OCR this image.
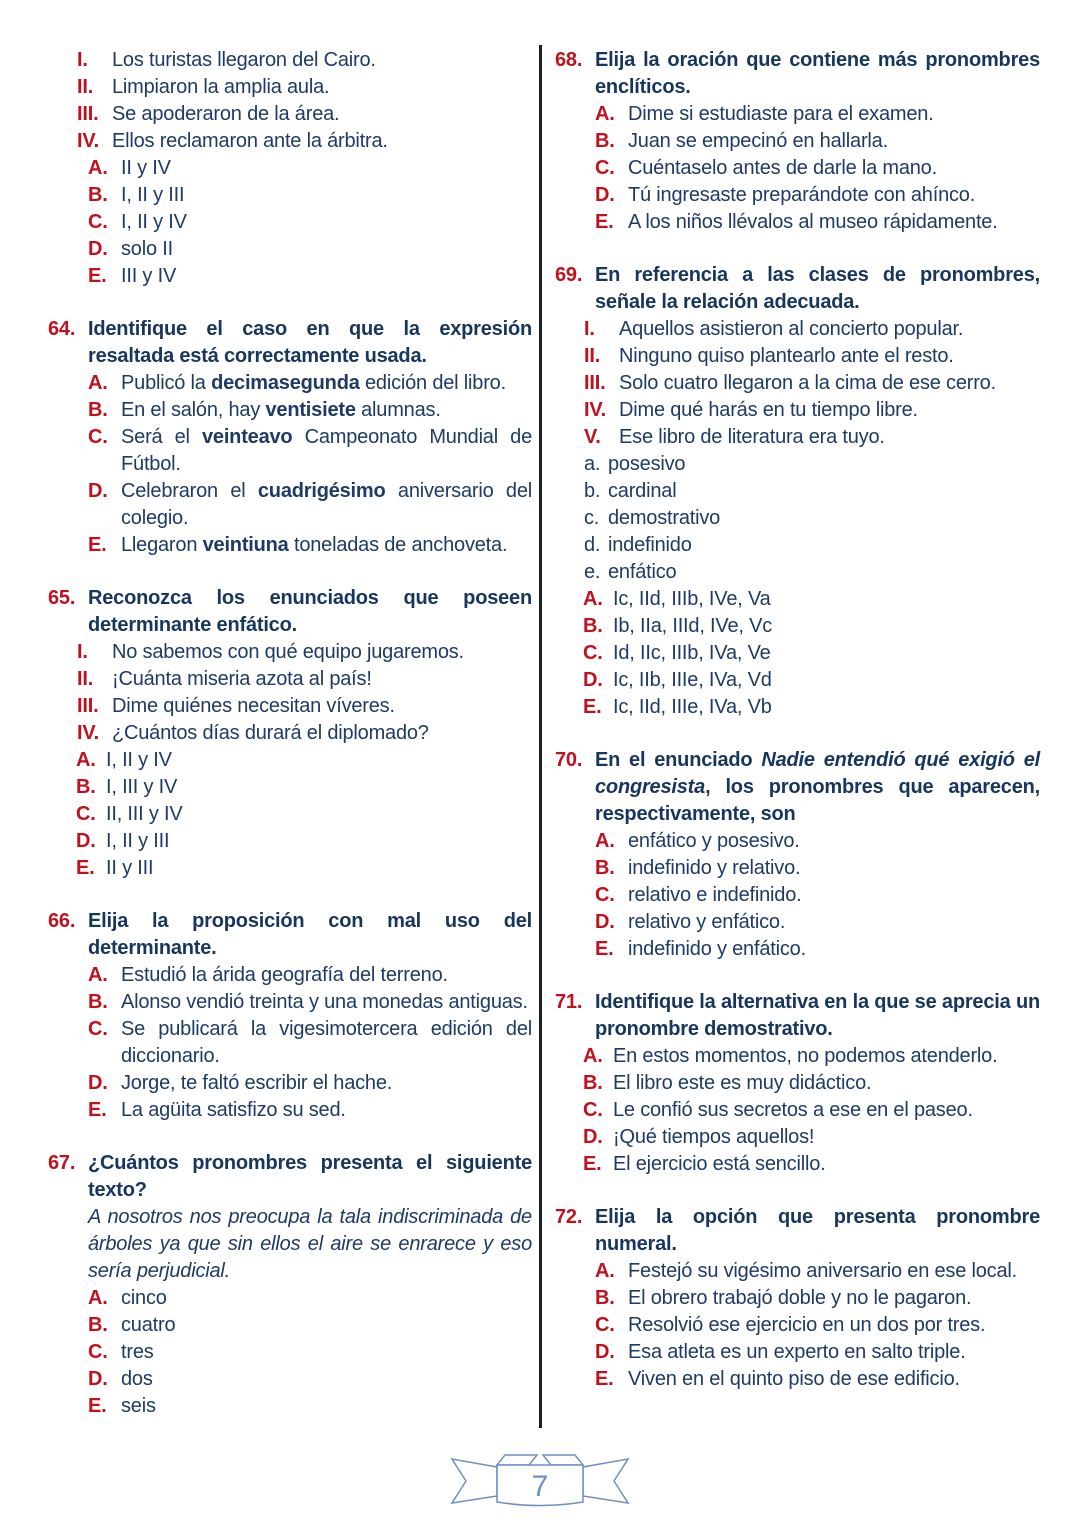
I.	Los turistas llegaron del Cairo.
II. Limpiaron la amplia aula.
III. Se apoderaron de la área.
IV. Ellos reclamaron ante la árbitra.
A. II y IV
B. I, II y III
C. I, II y IV
D. solo II
E. III y IV
64. Identifique el caso en que la expresión resaltada está correctamente usada.
A. Publicó la decimasegunda edición del libro.
B. En el salón, hay ventisiete alumnas.
C. Será el veinteavo Campeonato Mundial de Fútbol.
D. Celebraron el cuadrigésimo aniversario del colegio.
E. Llegaron veintiuna toneladas de anchoveta.
65. Reconozca los enunciados que poseen determinante enfático.
I.	No sabemos con qué equipo jugaremos.
II. ¡Cuánta miseria azota al país!
III. Dime quiénes necesitan víveres.
IV. ¿Cuántos días durará el diplomado?
A. I, II y IV
B. I, III y IV
C. II, III y IV
D. I, II y III
E. II y III
66. Elija la proposición con mal uso del determinante.
A. Estudió la árida geografía del terreno.
B. Alonso vendió treinta y una monedas antiguas.
C. Se publicará la vigesimotercera edición del diccionario.
D. Jorge, te faltó escribir el hache.
E. La agüita satisfizo su sed.
67. ¿Cuántos pronombres presenta el siguiente texto?
A nosotros nos preocupa la tala indiscriminada de árboles ya que sin ellos el aire se enrarece y eso sería perjudicial.
A. cinco
B. cuatro
C. tres
D. dos
E. seis
68. Elija la oración que contiene más pronombres enclíticos.
A. Dime si estudiaste para el examen.
B. Juan se empecinó en hallarla.
C. Cuéntaselo antes de darle la mano.
D. Tú ingresaste preparándote con ahínco.
E. A los niños llévalos al museo rápidamente.
69. En referencia a las clases de pronombres, señale la relación adecuada.
I.	Aquellos asistieron al concierto popular.
II. Ninguno quiso plantearlo ante el resto.
III. Solo cuatro llegaron a la cima de ese cerro.
IV. Dime qué harás en tu tiempo libre.
V. Ese libro de literatura era tuyo.
a. posesivo
b. cardinal
c. demostrativo
d. indefinido
e. enfático
A. Ic, IId, IIIb, IVe, Va
B. Ib, IIa, IIId, IVe, Vc
C. Id, IIc, IIIb, IVa, Ve
D. Ic, IIb, IIIe, IVa, Vd
E. Ic, IId, IIIe, IVa, Vb
70. En el enunciado Nadie entendió qué exigió el congresista, los pronombres que aparecen, respectivamente, son
A. enfático y posesivo.
B. indefinido y relativo.
C. relativo e indefinido.
D. relativo y enfático.
E. indefinido y enfático.
71. Identifique la alternativa en la que se aprecia un pronombre demostrativo.
A. En estos momentos, no podemos atenderlo.
B. El libro este es muy didáctico.
C. Le confió sus secretos a ese en el paseo.
D. ¡Qué tiempos aquellos!
E. El ejercicio está sencillo.
72. Elija la opción que presenta pronombre numeral.
A. Festejó su vigésimo aniversario en ese local.
B. El obrero trabajó doble y no le pagaron.
C. Resolvió ese ejercicio en un dos por tres.
D. Esa atleta es un experto en salto triple.
E. Viven en el quinto piso de ese edificio.
7
